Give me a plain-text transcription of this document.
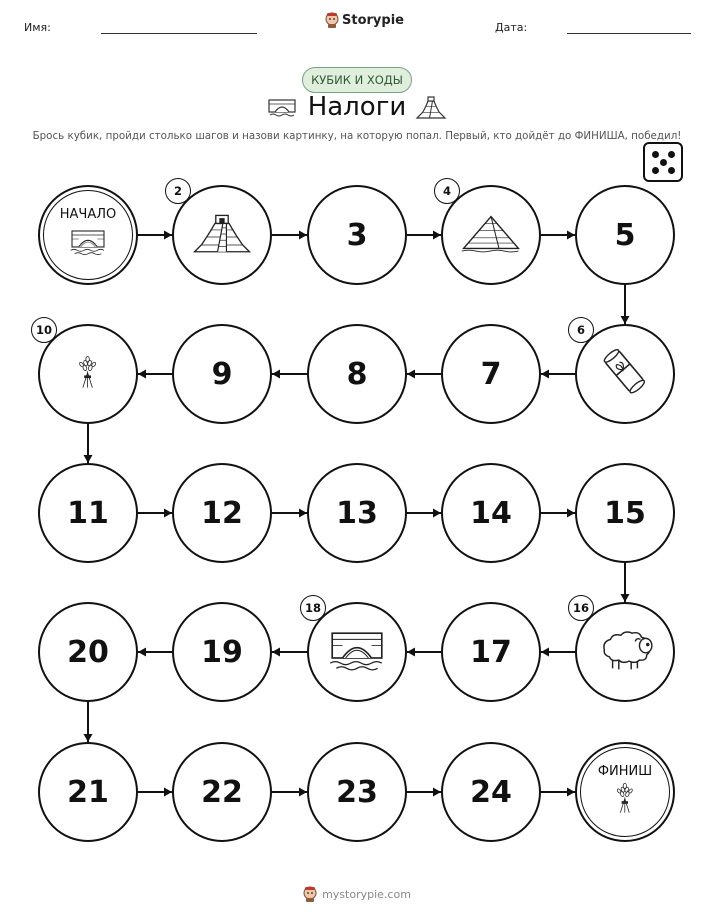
Имя:	Storypie	Дата:
КУБИК И ХОДЫ
Налоги
Брось кубик, пройди столько шагов и назови картинку, на которую попал. Первый, кто дойдёт до ФИНИША, победил!
НАЧАЛО
2
3
4
5
6
7
8
9
10
11	12	13	14	15
16
17
18
19
20
21	22	23	24
ФИНИШ
mystorypie.com
